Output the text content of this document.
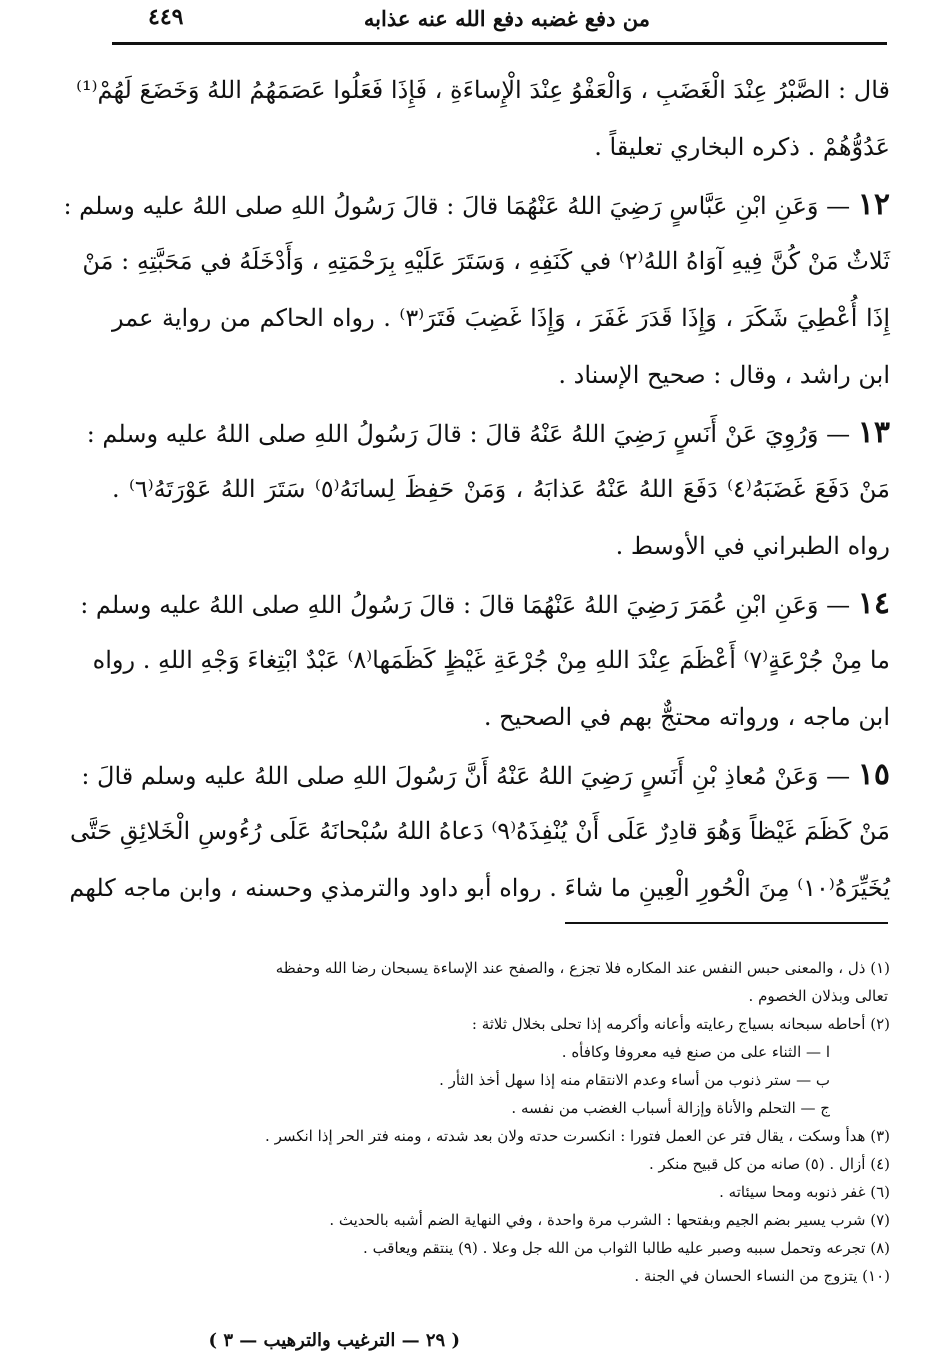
من دفع غضبه دفع الله عنه عذابه
٤٤٩
قال : الصَّبْرُ عِنْدَ الْغَضَبِ ، وَالْعَفْوُ عِنْدَ الْإِساءَةِ ، فَإِذَا فَعَلُوا عَصَمَهُمُ اللهُ وَخَضَعَ لَهُمْ⁽¹⁾
عَدُوُّهُمْ . ذكره البخاري تعليقاً .
١٢ — وَعَنِ ابْنِ عَبَّاسٍ رَضِيَ اللهُ عَنْهُمَا قالَ : قالَ رَسُولُ اللهِ صلى اللهُ عليه وسلم :
ثَلاثٌ مَنْ كُنَّ فِيهِ آوَاهُ اللهُ⁽٢⁾ في كَنَفِهِ ، وَسَتَرَ عَلَيْهِ بِرَحْمَتِهِ ، وَأَدْخَلَهُ في مَحَبَّتِهِ : مَنْ
إِذَا أُعْطِيَ شَكَرَ ، وَإِذَا قَدَرَ غَفَرَ ، وَإِذَا غَضِبَ فَتَرَ⁽٣⁾ . رواه الحاكم من رواية عمر
ابن راشد ، وقال : صحيح الإسناد .
١٣ — وَرُوِيَ عَنْ أَنَسٍ رَضِيَ اللهُ عَنْهُ قالَ : قالَ رَسُولُ اللهِ صلى اللهُ عليه وسلم :
مَنْ دَفَعَ غَضَبَهُ⁽٤⁾ دَفَعَ اللهُ عَنْهُ عَذابَهُ ، وَمَنْ حَفِظَ لِسانَهُ⁽٥⁾ سَتَرَ اللهُ عَوْرَتَهُ⁽٦⁾ .
رواه الطبراني في الأوسط .
١٤ — وَعَنِ ابْنِ عُمَرَ رَضِيَ اللهُ عَنْهُمَا قالَ : قالَ رَسُولُ اللهِ صلى اللهُ عليه وسلم :
ما مِنْ جُرْعَةٍ⁽٧⁾ أَعْظَمَ عِنْدَ اللهِ مِنْ جُرْعَةِ غَيْظٍ كَظَمَها⁽٨⁾ عَبْدٌ ابْتِغاءَ وَجْهِ اللهِ . رواه
ابن ماجه ، ورواته محتجٌّ بهم في الصحيح .
١٥ — وَعَنْ مُعاذِ بْنِ أَنَسٍ رَضِيَ اللهُ عَنْهُ أَنَّ رَسُولَ اللهِ صلى اللهُ عليه وسلم قالَ :
مَنْ كَظَمَ غَيْظاً وَهُوَ قادِرٌ عَلَى أَنْ يُنْفِذَهُ⁽٩⁾ دَعاهُ اللهُ سُبْحانَهُ عَلَى رُءُوسِ الْخَلائِقِ حَتَّى
يُخَيِّرَهُ⁽١٠⁾ مِنَ الْحُورِ الْعِينِ ما شاءَ . رواه أبو داود والترمذي وحسنه ، وابن ماجه كلهم
(١) ذل ، والمعنى حبس النفس عند المكاره فلا تجزع ، والصفح عند الإساءة يسبحان رضا الله وحفظه
تعالى وبذلان الخصوم .
(٢) أحاطه سبحانه بسياج رعايته وأعانه وأكرمه إذا تحلى بخلال ثلاثة :
ا — الثناء على من صنع فيه معروفا وكافأه .
ب — ستر ذنوب من أساء وعدم الانتقام منه إذا سهل أخذ الثأر .
ج — التحلم والأناة وإزالة أسباب الغضب من نفسه .
(٣) هدأ وسكت ، يقال فتر عن العمل فتورا : انكسرت حدته ولان بعد شدته ، ومنه فتر الحر إذا انكسر .
(٤) أزال . (٥) صانه من كل قبيح منكر .
(٦) غفر ذنوبه ومحا سيئاته .
(٧) شرب يسير بضم الجيم وبفتحها : الشرب مرة واحدة ، وفي النهاية الضم أشبه بالحديث .
(٨) تجرعه وتحمل سببه وصبر عليه طالبا الثواب من الله جل وعلا . (٩) ينتقم ويعاقب .
(١٠) يتزوج من النساء الحسان في الجنة .
( ٢٩ — الترغيب والترهيب — ٣ )
